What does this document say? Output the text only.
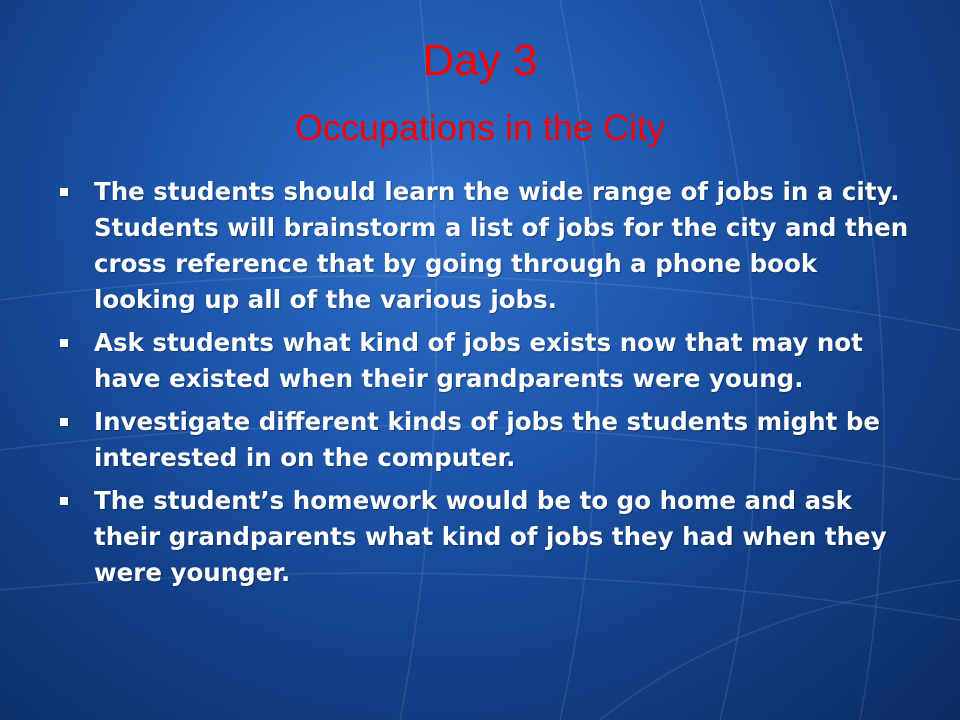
Day 3
Occupations in the City
The students should learn the wide range of jobs in a city. Students will brainstorm a list of jobs for the city and then cross reference that by going through a phone book looking up all of the various jobs.
Ask students what kind of jobs exists now that may not have existed when their grandparents were young.
Investigate different kinds of jobs the students might be interested in on the computer.
The student’s homework would be to go home and ask their grandparents what kind of jobs they had when they were younger.
